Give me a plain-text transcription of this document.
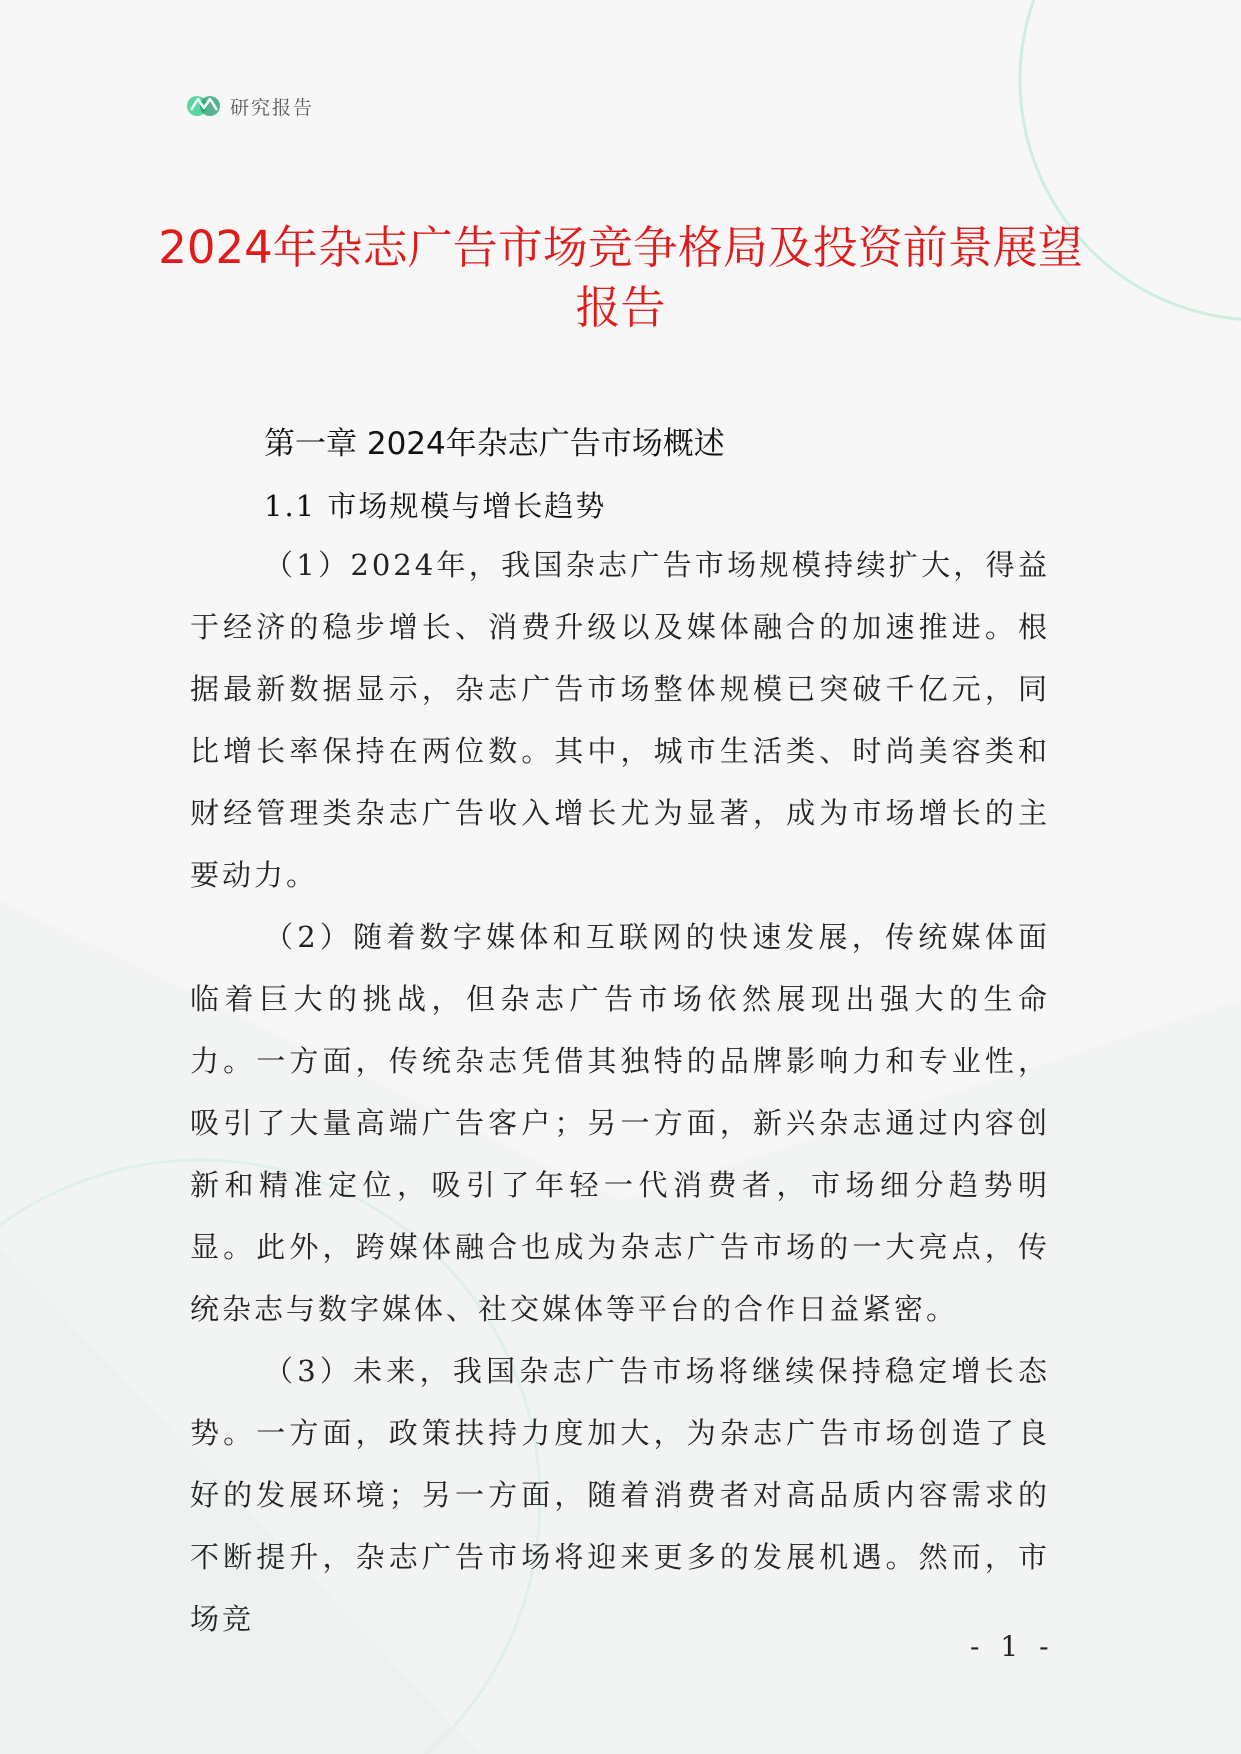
研究报告
2024年杂志广告市场竞争格局及投资前景展望报告
第一章 2024年杂志广告市场概述
1.1 市场规模与增长趋势

（1）2024年，我国杂志广告市场规模持续扩大，得益于经济的稳步增长、消费升级以及媒体融合的加速推进。根据最新数据显示，杂志广告市场整体规模已突破千亿元，同比增长率保持在两位数。其中，城市生活类、时尚美容类和财经管理类杂志广告收入增长尤为显著，成为市场增长的主要动力。

（2）随着数字媒体和互联网的快速发展，传统媒体面临着巨大的挑战，但杂志广告市场依然展现出强大的生命力。一方面，传统杂志凭借其独特的品牌影响力和专业性，吸引了大量高端广告客户；另一方面，新兴杂志通过内容创新和精准定位，吸引了年轻一代消费者，市场细分趋势明显。此外，跨媒体融合也成为杂志广告市场的一大亮点，传统杂志与数字媒体、社交媒体等平台的合作日益紧密。

（3）未来，我国杂志广告市场将继续保持稳定增长态势。一方面，政策扶持力度加大，为杂志广告市场创造了良好的发展环境；另一方面，随着消费者对高品质内容需求的不断提升，杂志广告市场将迎来更多的发展机遇。然而，市场竞

- 1 -
